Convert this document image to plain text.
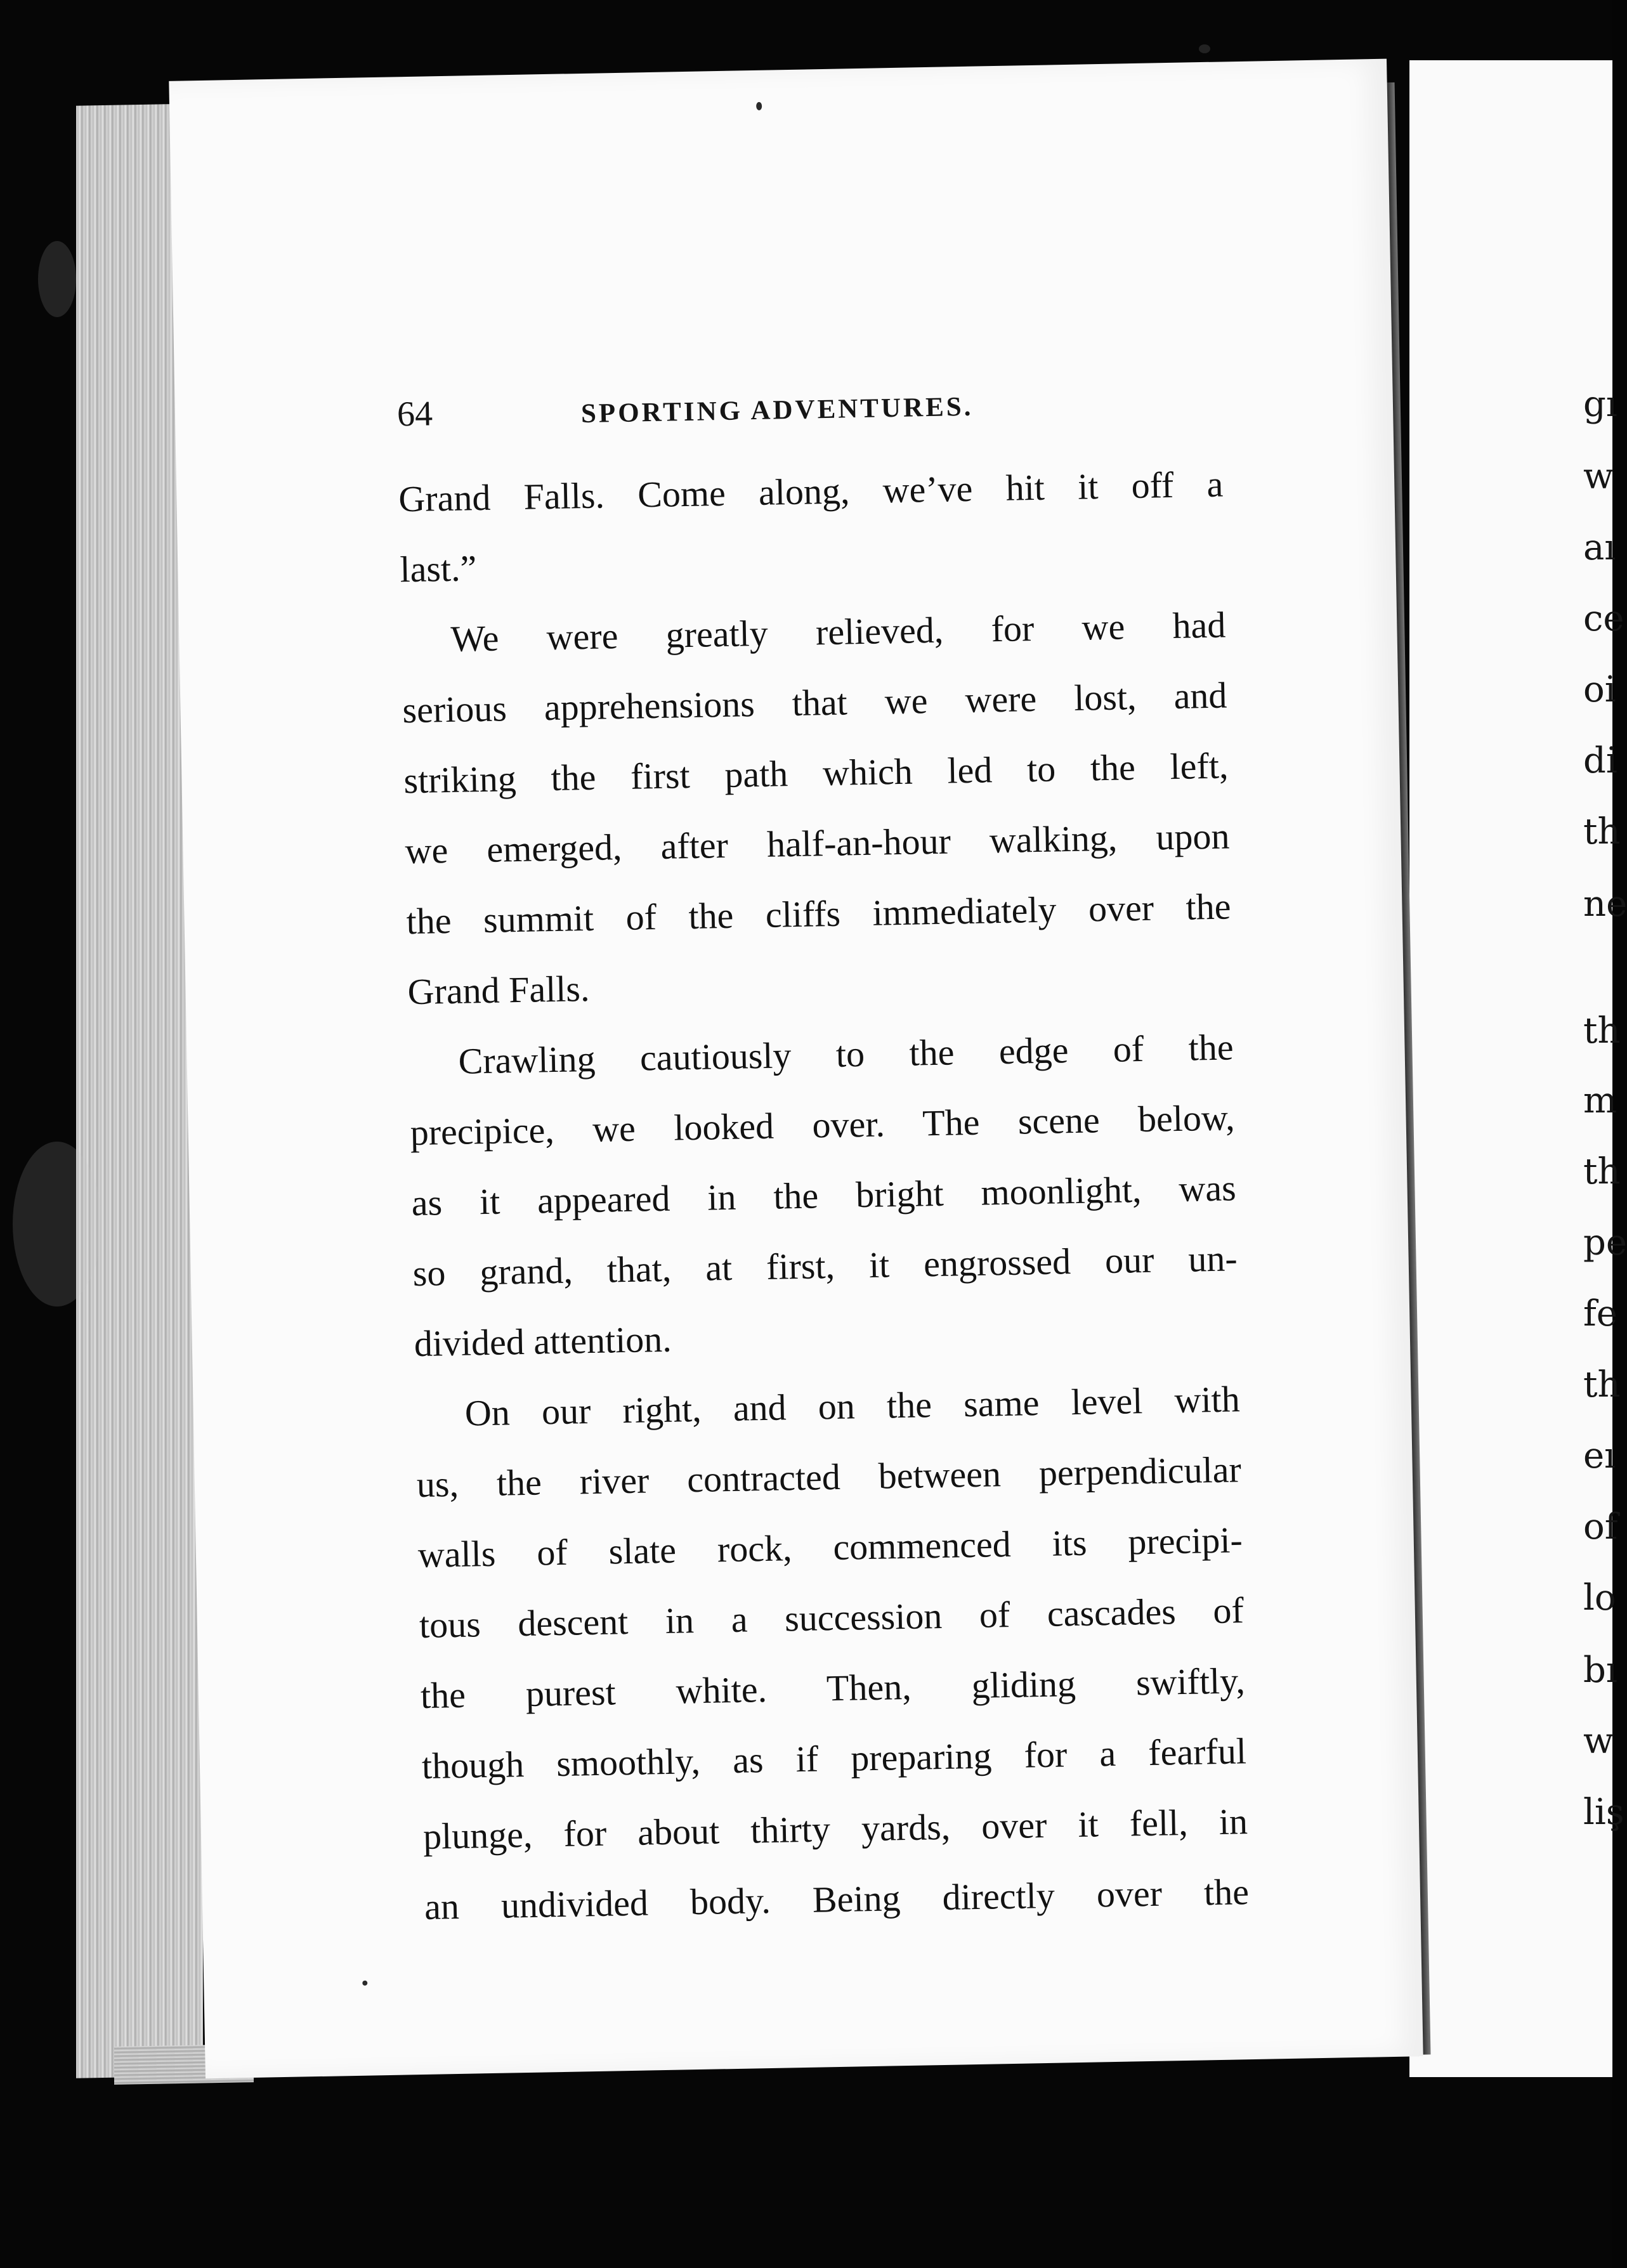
gı
w
aı
ce
oi
di
th
ne
th
m
th
pe
fe
th
eı
of
lo
bı
w
liş
64	SPORTING ADVENTURES.
Grand Falls. Come along, we’ve hit it off a
last.”
We were greatly relieved, for we had
serious apprehensions that we were lost, and
striking the first path which led to the left,
we emerged, after half-an-hour walking, upon
the summit of the cliffs immediately over the
Grand Falls.
Crawling cautiously to the edge of the
precipice, we looked over. The scene below,
as it appeared in the bright moonlight, was
so grand, that, at first, it engrossed our un-
divided attention.
On our right, and on the same level with
us, the river contracted between perpendicular
walls of slate rock, commenced its precipi-
tous descent in a succession of cascades of
the purest white. Then, gliding swiftly,
though smoothly, as if preparing for a fearful
plunge, for about thirty yards, over it fell, in
an undivided body. Being directly over the
